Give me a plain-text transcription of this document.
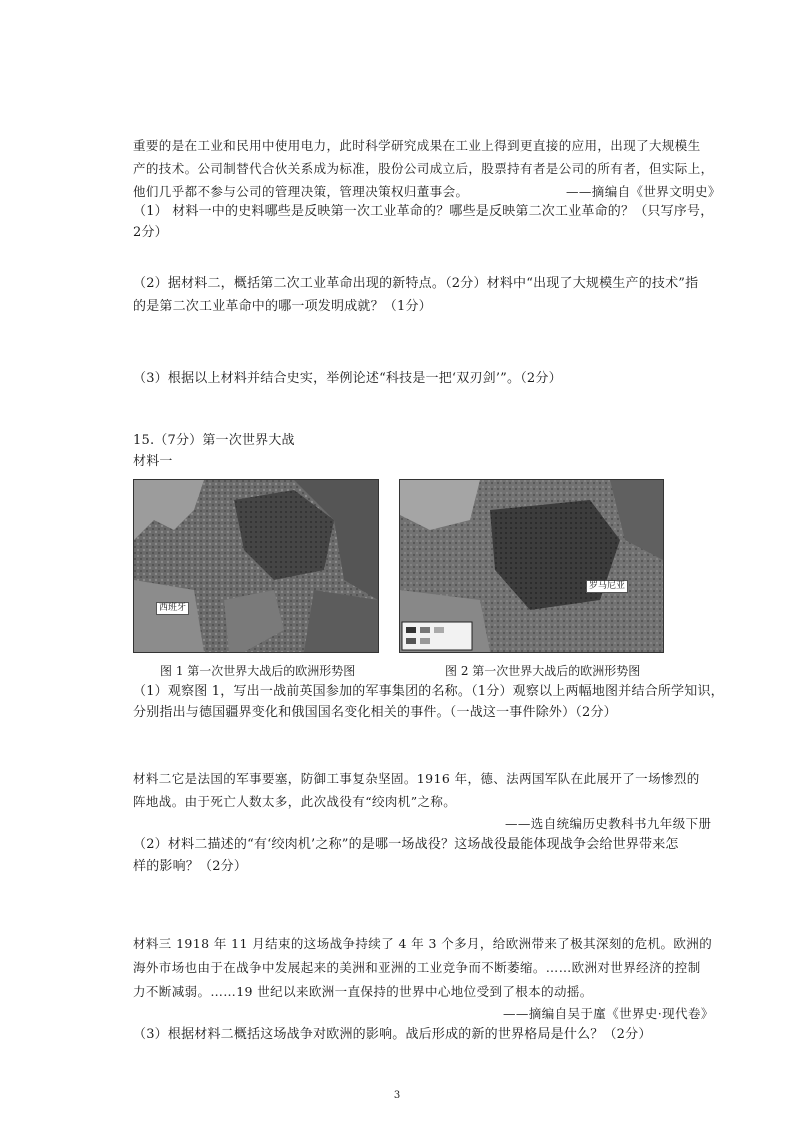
重要的是在工业和民用中使用电力，此时科学研究成果在工业上得到更直接的应用，出现了大规模生
产的技术。公司制替代合伙关系成为标准，股份公司成立后，股票持有者是公司的所有者，但实际上，
他们几乎都不参与公司的管理决策，管理决策权归董事会。	——摘编自《世界文明史》
（1） 材料一中的史料哪些是反映第一次工业革命的？哪些是反映第二次工业革命的？（只写序号，
2分）
（2）据材料二，概括第二次工业革命出现的新特点。（2分）材料中“出现了大规模生产的技术”指
的是第二次工业革命中的哪一项发明成就？（1分）
（3）根据以上材料并结合史实，举例论述“科技是一把‘双刃剑’”。（2分）
15.（7分）第一次世界大战
材料一
西班牙
罗马尼亚
图 1 第一次世界大战后的欧洲形势图	图 2 第一次世界大战后的欧洲形势图
（1）观察图 1，写出一战前英国参加的军事集团的名称。（1分）观察以上两幅地图并结合所学知识，
分别指出与德国疆界变化和俄国国名变化相关的事件。（一战这一事件除外）（2分）
材料二它是法国的军事要塞，防御工事复杂坚固。1916 年，德、法两国军队在此展开了一场惨烈的
阵地战。由于死亡人数太多，此次战役有“绞肉机”之称。
——选自统编历史教科书九年级下册
（2）材料二描述的“有‘绞肉机’之称”的是哪一场战役？这场战役最能体现战争会给世界带来怎
样的影响？（2分）
材料三 1918 年 11 月结束的这场战争持续了 4 年 3 个多月，给欧洲带来了极其深刻的危机。欧洲的
海外市场也由于在战争中发展起来的美洲和亚洲的工业竞争而不断萎缩。……欧洲对世界经济的控制
力不断减弱。……19 世纪以来欧洲一直保持的世界中心地位受到了根本的动摇。
——摘编自吴于廑《世界史·现代卷》
（3）根据材料二概括这场战争对欧洲的影响。战后形成的新的世界格局是什么？（2分）
3
